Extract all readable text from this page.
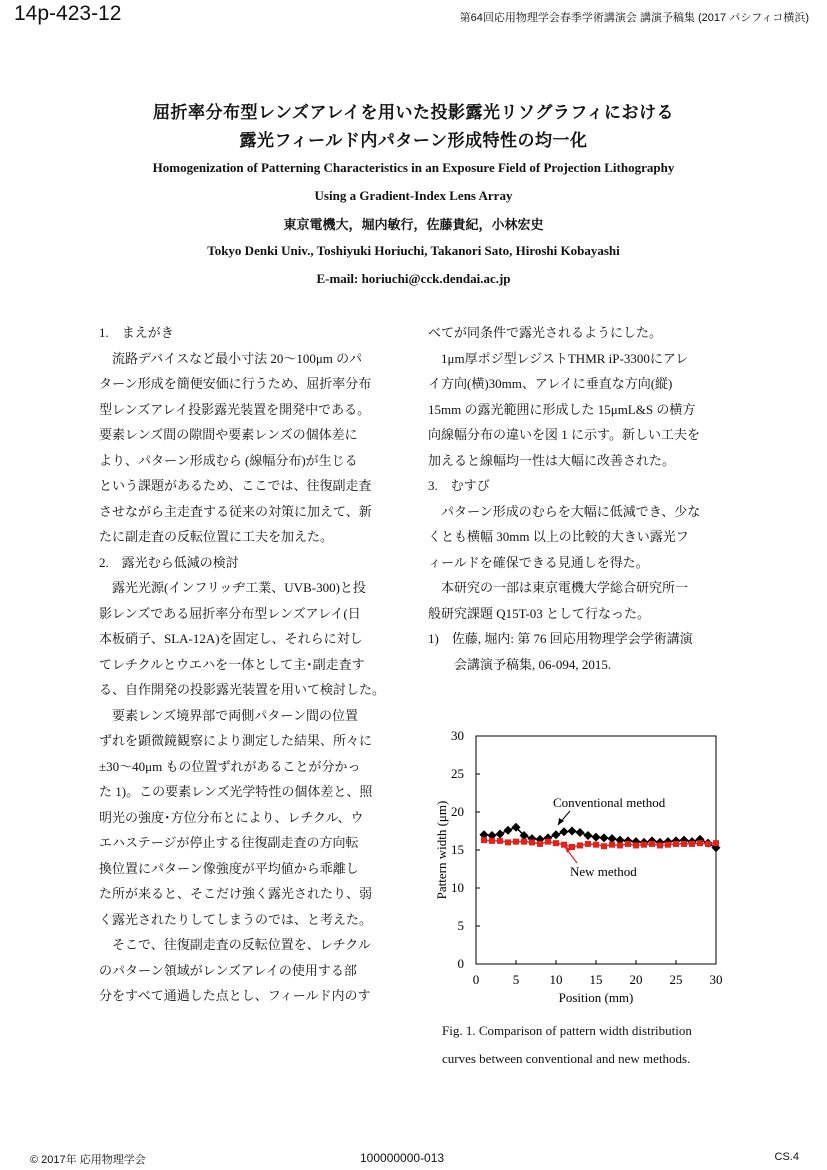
14p-423-12	第64回応用物理学会春季学術講演会 講演予稿集 (2017 パシフィコ横浜)
屈折率分布型レンズアレイを用いた投影露光リソグラフィにおける
露光フィールド内パターン形成特性の均一化
Homogenization of Patterning Characteristics in an Exposure Field of Projection Lithography
Using a Gradient-Index Lens Array
東京電機大，堀内敏行，佐藤貴紀，小林宏史
Tokyo Denki Univ., Toshiyuki Horiuchi, Takanori Sato, Hiroshi Kobayashi
E-mail: horiuchi@cck.dendai.ac.jp

1.　まえがき

　流路デバイスなど最小寸法 20～100μm のパ

ターン形成を簡便安価に行うため、屈折率分布

型レンズアレイ投影露光装置を開発中である。

要素レンズ間の隙間や要素レンズの個体差に

より、パターン形成むら (線幅分布)が生じる

という課題があるため、ここでは、往復副走査

させながら主走査する従来の対策に加えて、新

たに副走査の反転位置に工夫を加えた。

2.　露光むら低減の検討

　露光光源(インフリッヂ工業、UVB-300)と投

影レンズである屈折率分布型レンズアレイ(日

本板硝子、SLA-12A)を固定し、それらに対し

てレチクルとウエハを一体として主･副走査す

る、自作開発の投影露光装置を用いて検討した。

　要素レンズ境界部で両側パターン間の位置

ずれを顕微鏡観察により測定した結果、所々に

±30～40μm もの位置ずれがあることが分かっ

た 1)。この要素レンズ光学特性の個体差と、照

明光の強度･方位分布とにより、レチクル、ウ

エハステージが停止する往復副走査の方向転

換位置にパターン像強度が平均値から乖離し

た所が来ると、そこだけ強く露光されたり、弱

く露光されたりしてしまうのでは、と考えた。

　そこで、往復副走査の反転位置を、レチクル

のパターン領域がレンズアレイの使用する部

分をすべて通過した点とし、フィールド内のす

べてが同条件で露光されるようにした。

　1μm厚ポジ型レジストTHMR iP-3300にアレ

イ方向(横)30mm、アレイに垂直な方向(縦)

15mm の露光範囲に形成した 15μmL&S の横方

向線幅分布の違いを図 1 に示す。新しい工夫を

加えると線幅均一性は大幅に改善された。

3.　むすび

　パターン形成のむらを大幅に低減でき、少な

くとも横幅 30mm 以上の比較的大きい露光フ

ィールドを確保できる見通しを得た。

　本研究の一部は東京電機大学総合研究所一

般研究課題 Q15T-03 として行なった。

1)　佐藤, 堀内: 第 76 回応用物理学会学術講演

　　会講演予稿集, 06-094, 2015.

0	5 10 15 20 25 30
0
5
10
15
20
25
30
Position (mm)
Pattern width (μm)	Conventional method
New method
Fig. 1. Comparison of pattern width distribution
curves between conventional and new methods.
© 2017年 応用物理学会	100000000-013	CS.4
